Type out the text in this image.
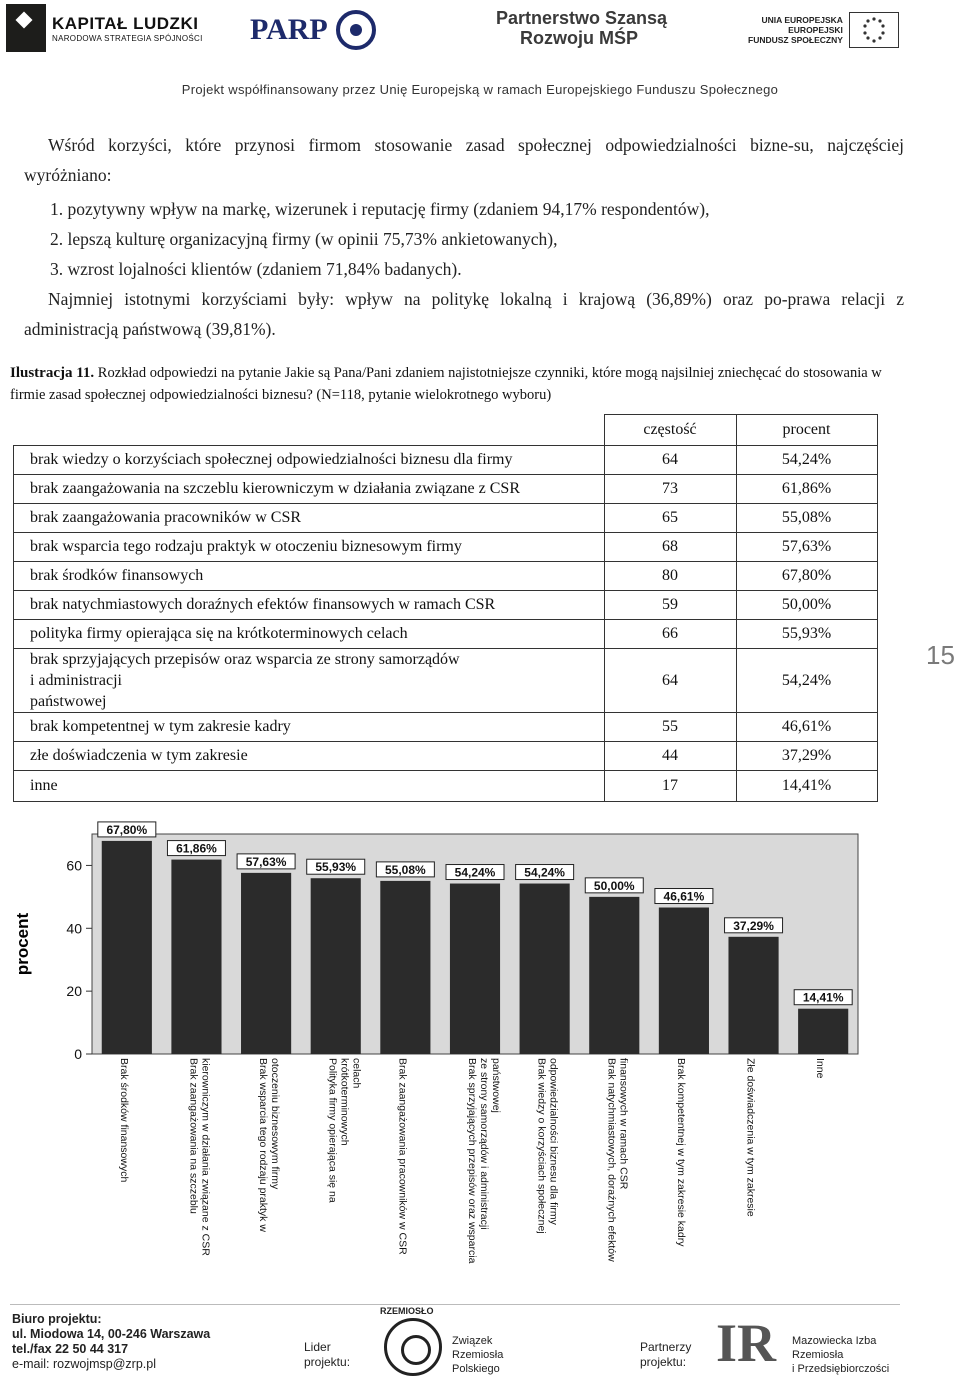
KAPITAŁ LUDZKI
NARODOWA STRATEGIA SPÓJNOŚCI PARP	Partnerstwo Szansą
Rozwoju MŚP
UNIA EUROPEJSKA
EUROPEJSKI
FUNDUSZ SPOŁECZNY
Projekt współfinansowany przez Unię Europejską w ramach Europejskiego Funduszu Społecznego
Wśród korzyści, które przynosi firmom stosowanie zasad społecznej odpowiedzialności bizne-su, najczęściej wyróżniano:
1. pozytywny wpływ na markę, wizerunek i reputację firmy (zdaniem 94,17% respondentów),
2. lepszą kulturę organizacyjną firmy (w opinii 75,73% ankietowanych),
3. wzrost lojalności klientów (zdaniem 71,84% badanych).
Najmniej istotnymi korzyściami były: wpływ na politykę lokalną i krajową (36,89%) oraz po-prawa relacji z administracją państwową (39,81%).
Ilustracja 11. Rozkład odpowiedzi na pytanie Jakie są Pana/Pani zdaniem najistotniejsze czynniki, które mogą najsilniej zniechęcać do stosowania w firmie zasad społecznej odpowiedzialności biznesu? (N=118, pytanie wielokrotnego wyboru)
	częstość	procent
brak wiedzy o korzyściach społecznej odpowiedzialności biznesu dla firmy	64	54,24%
brak zaangażowania na szczeblu kierowniczym w działania związane z CSR	73	61,86%
brak zaangażowania pracowników w CSR	65	55,08%
brak wsparcia tego rodzaju praktyk w otoczeniu biznesowym firmy	68	57,63%
brak środków finansowych	80	67,80%
brak natychmiastowych doraźnych efektów finansowych w ramach CSR	59	50,00%
polityka firmy opierająca się na krótkoterminowych celach	66	55,93%

brak sprzyjających przepisów oraz wsparcia ze strony samorządów
i administracji
państwowej	64	54,24%
brak kompetentnej w tym zakresie kadry	55	46,61%
złe doświadczenia w tym zakresie	44	37,29%
inne	17	14,41%
15
0
20
40
60
67,80%
61,86%
57,63% 55,93% 55,08% 54,24% 54,24%
50,00%
46,61%
37,29%
14,41%
Brak środków finansowych	Brak zaangażowania na szczeblukierowniczym w działania związane z CSR	Brak wsparcia tego rodzaju praktyk wotoczeniu biznesowym firmy	Polityka firmy opierająca się nakrótkoterminowychcelach	Brak zaangażowania pracowników w CSR	Brak sprzyjających przepisów oraz wsparciaze strony samorządów i administracjipaństwowej	Brak wiedzy o korzyściach społecznejodpowiedzialności biznesu dla firmy	Brak natychmiastowych, doraźnych efektówfinansowych w ramach CSR	Brak kompetentnej w tym zakresie kadry	Złe doświadczenia w tym zakresie	Inne
procent
Biuro projektu:
ul. Miodowa 14, 00-246 Warszawa
tel./fax 22 50 44 317
e-mail: rozwojmsp@zrp.pl
Lider
projektu:
RZEMIOSŁO
Związek
Rzemiosła
Polskiego
Partnerzy
projektu: IR Mazowiecka Izba
Rzemiosła
i Przedsiębiorczości
